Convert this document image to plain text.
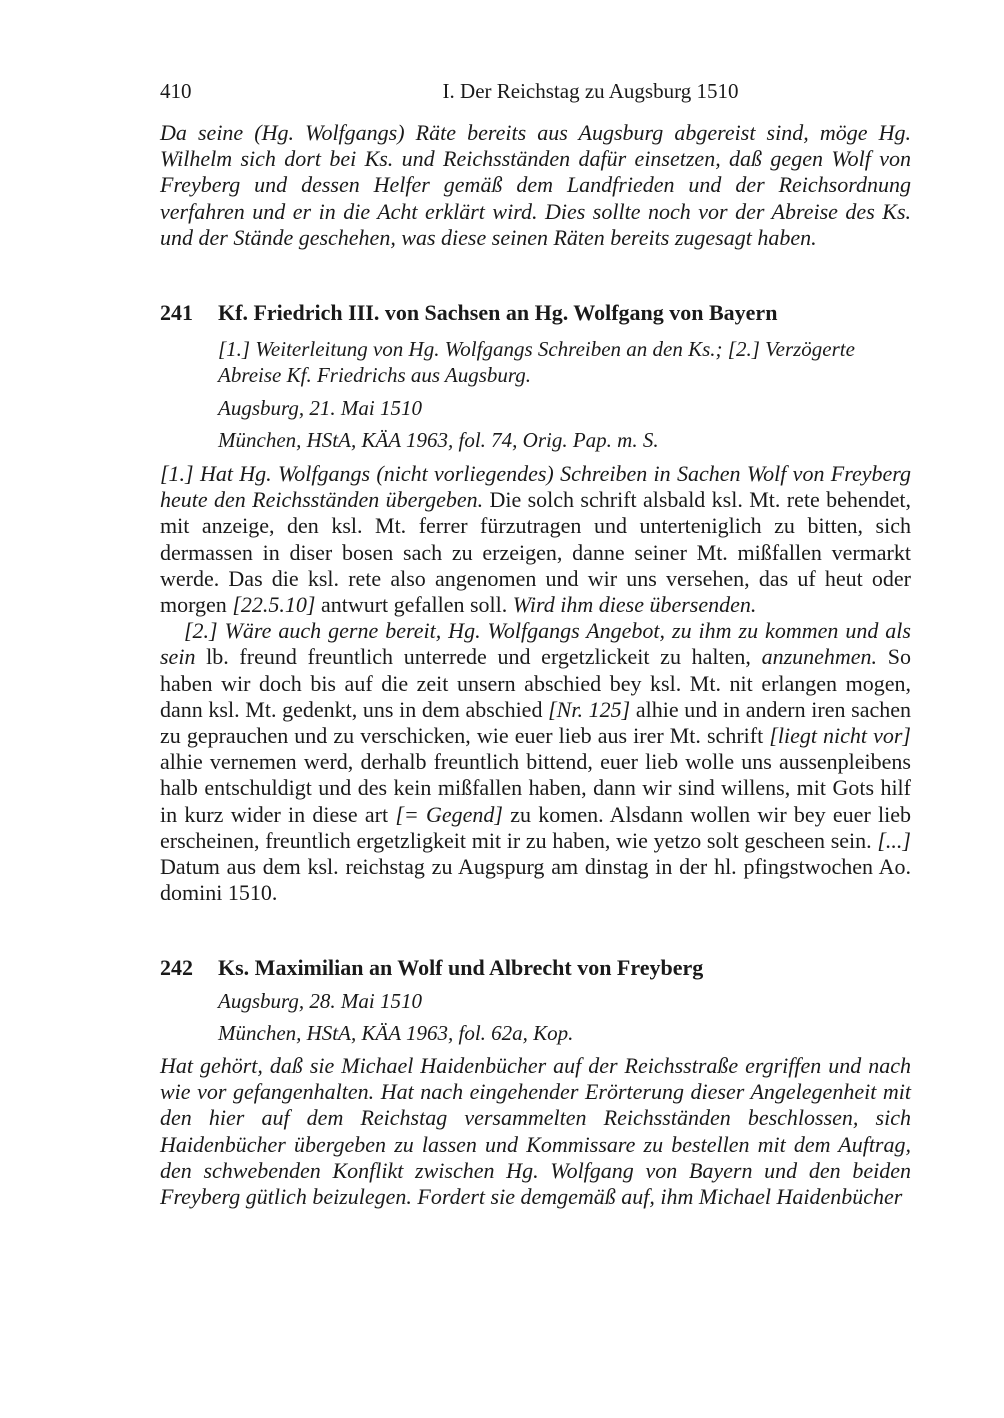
410	I. Der Reichstag zu Augsburg 1510

Da seine (Hg. Wolfgangs) Räte bereits aus Augsburg abgereist sind, möge Hg. Wilhelm sich dort bei Ks. und Reichsständen dafür einsetzen, daß gegen Wolf von Freyberg und dessen Helfer gemäß dem Landfrieden und der Reichsordnung verfahren und er in die Acht erklärt wird. Dies sollte noch vor der Abreise des Ks. und der Stände geschehen, was diese seinen Räten bereits zugesagt haben.

241 Kf. Friedrich III. von Sachsen an Hg. Wolfgang von Bayern

[1.] Weiterleitung von Hg. Wolfgangs Schreiben an den Ks.; [2.] Verzögerte Abreise Kf. Friedrichs aus Augsburg.

Augsburg, 21. Mai 1510
München, HStA, KÄA 1963, fol. 74, Orig. Pap. m. S.

[1.] Hat Hg. Wolfgangs (nicht vorliegendes) Schreiben in Sachen Wolf von Freyberg heute den Reichsständen übergeben. Die solch schrift alsbald ksl. Mt. rete behendet, mit anzeige, den ksl. Mt. ferrer fürzutragen und unterteniglich zu bitten, sich dermassen in diser bosen sach zu erzeigen, danne seiner Mt. mißfallen vermarkt werde. Das die ksl. rete also angenomen und wir uns versehen, das uf heut oder morgen [22.5.10] antwurt gefallen soll. Wird ihm diese übersenden.

[2.] Wäre auch gerne bereit, Hg. Wolfgangs Angebot, zu ihm zu kommen und als sein lb. freund freuntlich unterrede und ergetzlickeit zu halten, anzunehmen. So haben wir doch bis auf die zeit unsern abschied bey ksl. Mt. nit erlangen mogen, dann ksl. Mt. gedenkt, uns in dem abschied [Nr. 125] alhie und in andern iren sachen zu geprauchen und zu verschicken, wie euer lieb aus irer Mt. schrift [liegt nicht vor] alhie vernemen werd, derhalb freuntlich bittend, euer lieb wolle uns aussenpleibens halb entschuldigt und des kein mißfallen haben, dann wir sind willens, mit Gots hilf in kurz wider in diese art [= Gegend] zu komen. Alsdann wollen wir bey euer lieb erscheinen, freuntlich ergetzligkeit mit ir zu haben, wie yetzo solt gescheen sein. [...] Datum aus dem ksl. reichstag zu Augspurg am dinstag in der hl. pfingstwochen Ao. domini 1510.

242 Ks. Maximilian an Wolf und Albrecht von Freyberg
Augsburg, 28. Mai 1510
München, HStA, KÄA 1963, fol. 62a, Kop.

Hat gehört, daß sie Michael Haidenbücher auf der Reichsstraße ergriffen und nach wie vor gefangenhalten. Hat nach eingehender Erörterung dieser Angelegenheit mit den hier auf dem Reichstag versammelten Reichsständen beschlossen, sich Haidenbücher übergeben zu lassen und Kommissare zu bestellen mit dem Auftrag, den schwebenden Konflikt zwischen Hg. Wolfgang von Bayern und den beiden Freyberg gütlich beizulegen. Fordert sie demgemäß auf, ihm Michael Haidenbücher
